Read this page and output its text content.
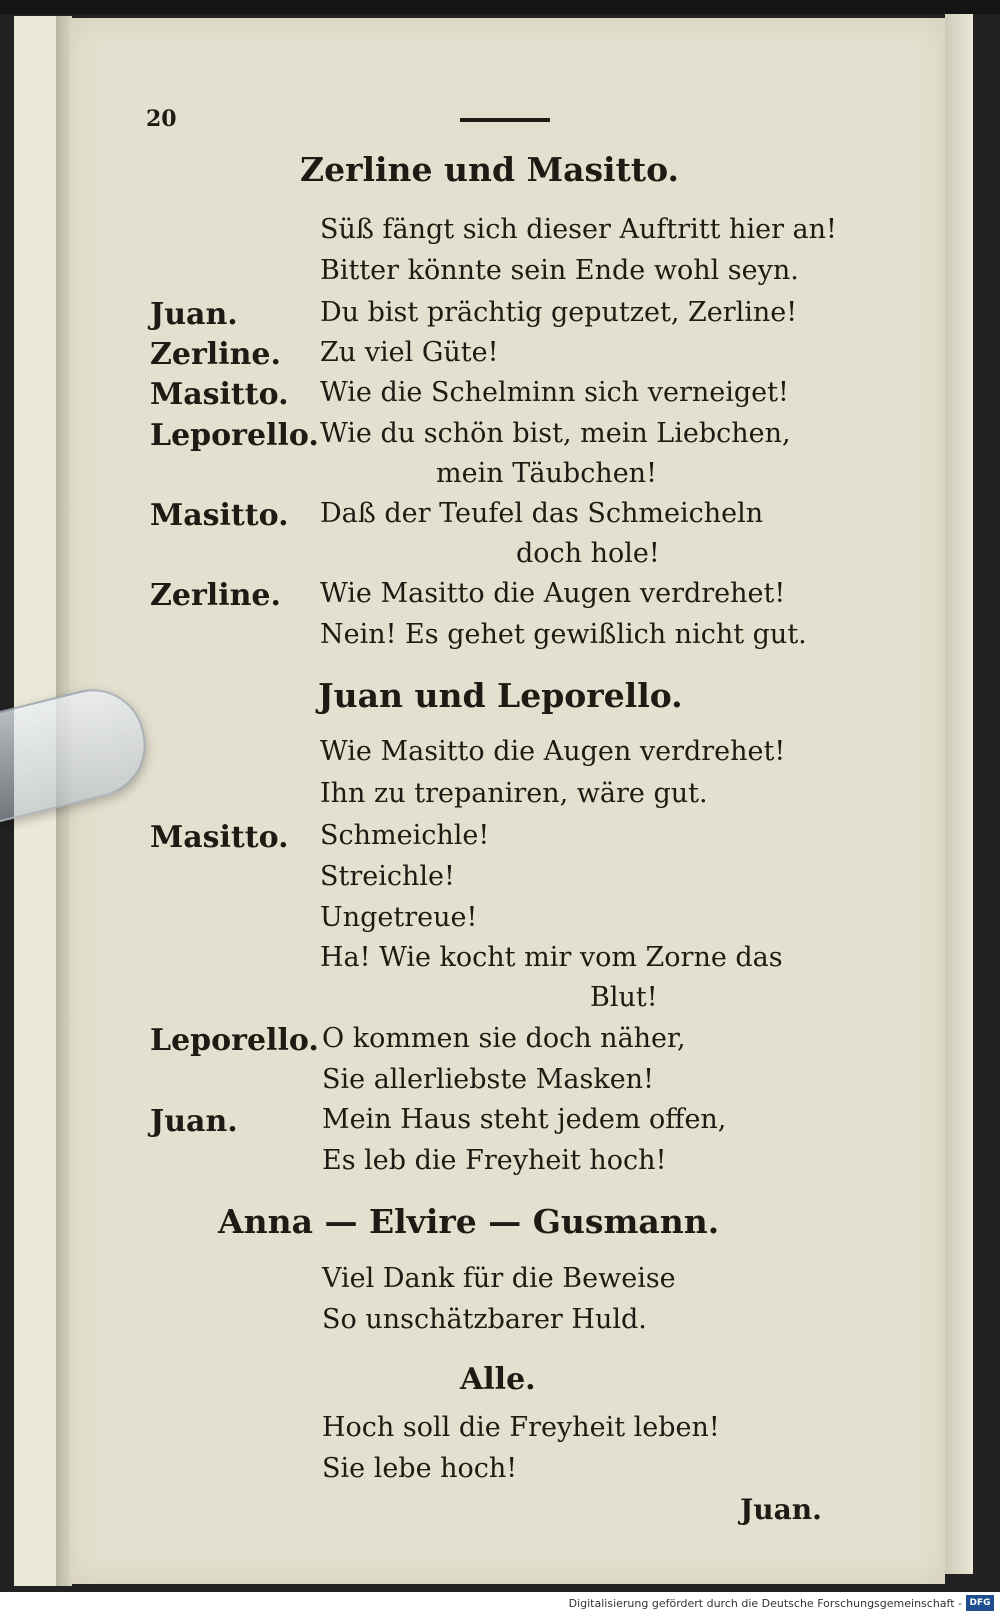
20
Zerline und Masitto.
Süß fängt sich dieser Auftritt hier an!
Bitter könnte sein Ende wohl seyn.
Juan.	Du bist prächtig geputzet, Zerline!
Zerline. Zu viel Güte!
Masitto. Wie die Schelminn sich verneiget!
Leporello. Wie du schön bist, mein Liebchen,
mein Täubchen!
Masitto. Daß der Teufel das Schmeicheln
doch hole!
Zerline. Wie Masitto die Augen verdrehet!
Nein! Es gehet gewißlich nicht gut.
Juan und Leporello.
Wie Masitto die Augen verdrehet!
Ihn zu trepaniren, wäre gut.
Masitto. Schmeichle!
Streichle!
Ungetreue!
Ha! Wie kocht mir vom Zorne das
Blut!
Leporello. O kommen sie doch näher,
Sie allerliebste Masken!
Juan.	Mein Haus steht jedem offen,
Es leb die Freyheit hoch!
Anna — Elvire — Gusmann.
Viel Dank für die Beweise
So unschätzbarer Huld.
Alle.
Hoch soll die Freyheit leben!
Sie lebe hoch!
Juan.
Digitalisierung gefördert durch die Deutsche Forschungsgemeinschaft - DFG
